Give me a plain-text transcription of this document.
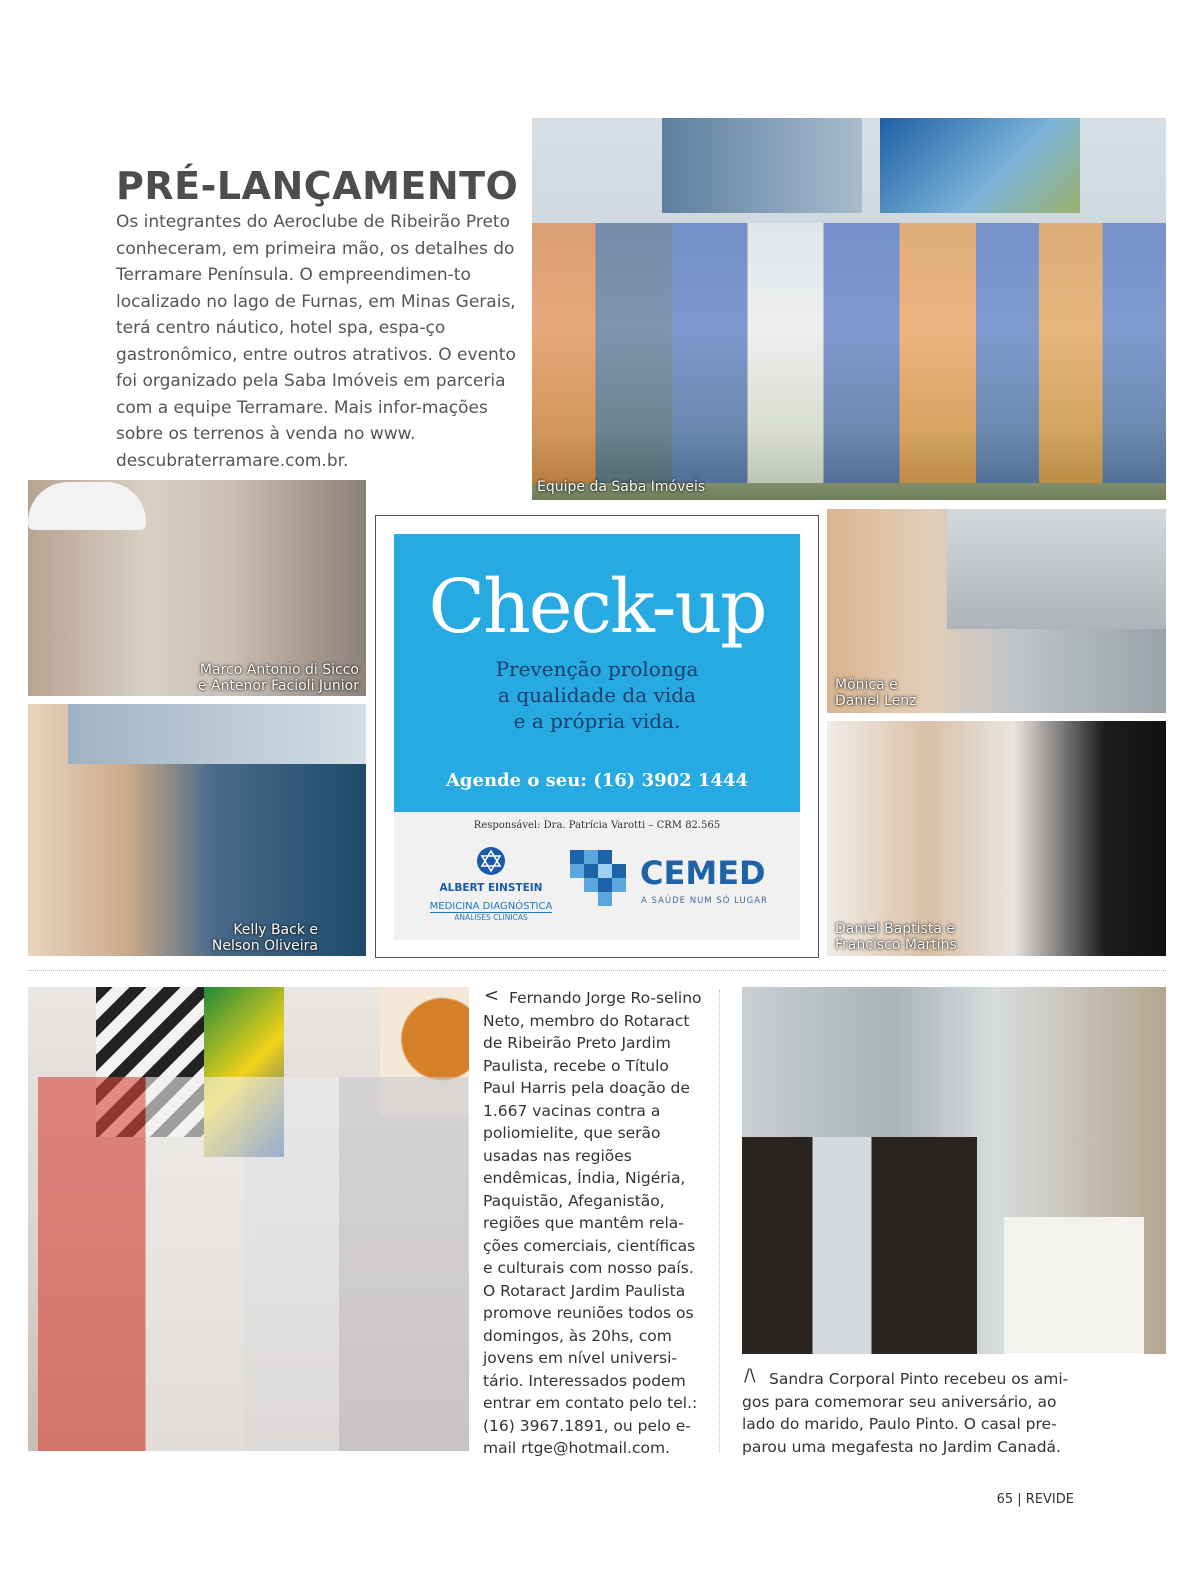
PRÉ-LANÇAMENTO

Os integrantes do Aeroclube de Ribeirão Preto conheceram, em primeira mão, os detalhes do Terramare Península. O empreendimen-to localizado no lago de Furnas, em Minas Gerais, terá centro náutico, hotel spa, espa-ço gastronômico, entre outros atrativos. O evento foi organizado pela Saba Imóveis em parceria com a equipe Terramare. Mais infor-mações sobre os terrenos à venda no www. descubraterramare.com.br.

Equipe da Saba Imóveis
Marco Antonio di Sicco
e Antenor Facioli Junior
Kelly Back e
Nelson Oliveira
Mônica e
Daniel Lenz
Daniel Baptista e
Francisco Martins
Check-up
Prevenção prolonga
a qualidade da vida
e a própria vida.
Agende o seu: (16) 3902 1444
Responsável: Dra. Patrícia Varotti – CRM 82.565
ALBERT EINSTEIN
MEDICINA DIAGNÓSTICA
ANÁLISES CLÍNICAS
CEMED
A SAÚDE NUM SÓ LUGAR
< Fernando Jorge Ro-selino Neto, membro do Rotaract de Ribeirão Preto Jardim Paulista, recebe o Título Paul Harris pela doação de 1.667 vacinas contra a poliomielite, que serão usadas nas regiões endêmicas, Índia, Nigéria, Paquistão, Afeganistão, regiões que mantêm rela-ções comerciais, científicas e culturais com nosso país. O Rotaract Jardim Paulista promove reuniões todos os domingos, às 20hs, com jovens em nível universi-tário. Interessados podem entrar em contato pelo tel.: (16) 3967.1891, ou pelo e-mail rtge@hotmail.com.

/\ Sandra Corporal Pinto recebeu os ami-gos para comemorar seu aniversário, ao lado do marido, Paulo Pinto. O casal pre-parou uma megafesta no Jardim Canadá.

65 | REVIDE
